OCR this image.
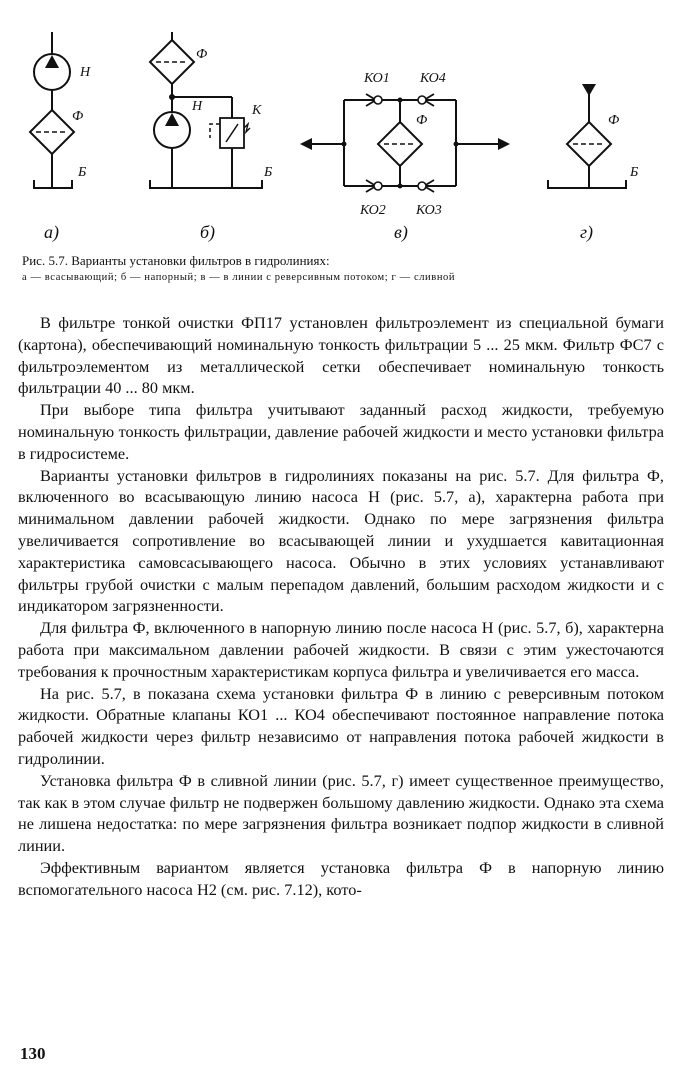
Н
Ф
Б
а)
Ф
Н	К
Б
б)
КО1 КО4
Ф
КО2 КО3
в)
Ф
Б
г)
Рис. 5.7. Варианты установки фильтров в гидролиниях:
а — всасывающий; б — напорный; в — в линии с реверсивным потоком; г — сливной

В фильтре тонкой очистки ФП17 установлен фильтроэлемент из специальной бумаги (картона), обеспечивающий номинальную тонкость фильтрации 5 ... 25 мкм. Фильтр ФС7 с фильтроэлементом из металлической сетки обеспечивает номинальную тонкость фильтрации 40 ... 80 мкм.

При выборе типа фильтра учитывают заданный расход жидкости, требуемую номинальную тонкость фильтрации, давление рабочей жидкости и место установки фильтра в гидросистеме.

Варианты установки фильтров в гидролиниях показаны на рис. 5.7. Для фильтра Ф, включенного во всасывающую линию насоса Н (рис. 5.7, а), характерна работа при минимальном давлении рабочей жидкости. Однако по мере загрязнения фильтра увеличивается сопротивление во всасывающей линии и ухудшается кавитационная характеристика самовсасывающего насоса. Обычно в этих условиях устанавливают фильтры грубой очистки с малым перепадом давлений, большим расходом жидкости и с индикатором загрязненности.

Для фильтра Ф, включенного в напорную линию после насоса Н (рис. 5.7, б), характерна работа при максимальном давлении рабочей жидкости. В связи с этим ужесточаются требования к прочностным характеристикам корпуса фильтра и увеличивается его масса.

На рис. 5.7, в показана схема установки фильтра Ф в линию с реверсивным потоком жидкости. Обратные клапаны КО1 ... КО4 обеспечивают постоянное направление потока рабочей жидкости через фильтр независимо от направления потока рабочей жидкости в гидролинии.

Установка фильтра Ф в сливной линии (рис. 5.7, г) имеет существенное преимущество, так как в этом случае фильтр не подвержен большому давлению жидкости. Однако эта схема не лишена недостатка: по мере загрязнения фильтра возникает подпор жидкости в сливной линии.

Эффективным вариантом является установка фильтра Ф в напорную линию вспомогательного насоса Н2 (см. рис. 7.12), кото-

130
